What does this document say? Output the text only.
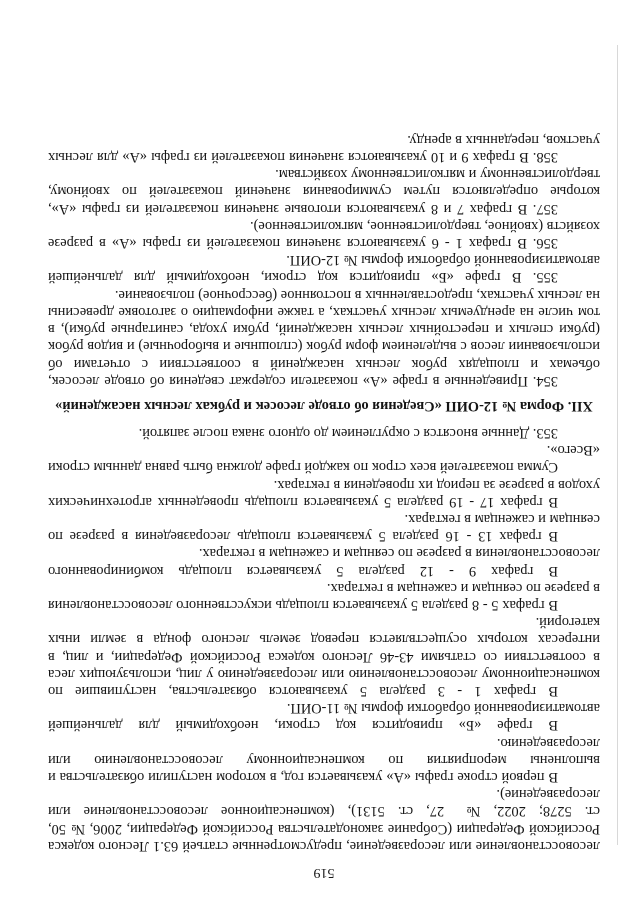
519

лесовосстановление или лесоразведение, предусмотренные статьей 63.1 Лесного кодекса Российской Федерации (Собрание законодательства Российской Федерации, 2006, № 50, ст. 5278; 2022, № 27, ст. 5131), (компенсационное лесовосстановление или лесоразведение).

В первой строке графы «А» указывается год, в котором наступили обязательства и выполнены мероприятия по компенсационному лесовосстановлению или лесоразведению.

В графе «Б» приводится код строки, необходимый для дальнейшей автоматизированной обработки формы № 11-ОИП.

В графах 1 - 3 раздела 5 указываются обязательства, наступившие по компенсационному лесовосстановлению или лесоразведению у лиц, использующих леса в соответствии со статьями 43-46 Лесного кодекса Российской Федерации, и лиц, в интересах которых осуществляется перевод земель лесного фонда в земли иных категорий.

В графах 5 - 8 раздела 5 указывается площадь искусственного лесовосстановления в разрезе по сеянцам и саженцам в гектарах.

В графах 9 - 12 раздела 5 указывается площадь комбинированного лесовосстановления в разрезе по сеянцам и саженцам в гектарах.

В графах 13 - 16 раздела 5 указывается площадь лесоразведения в разрезе по сеянцам и саженцам в гектарах.

В графах 17 - 19 раздела 5 указывается площадь проведенных агротехнических уходов в разрезе за период их проведения в гектарах.

Сумма показателей всех строк по каждой графе должна быть равна данным строки «Всего».

353. Данные вносятся с округлением до одного знака после запятой.

XII. Форма № 12-ОИП «Сведения об отводе лесосек и рубках лесных насаждений»

354. Приведенные в графе «А» показатели содержат сведения об отводе лесосек, объемах и площадях рубок лесных насаждений в соответствии с отчетами об использовании лесов с выделением форм рубок (сплошные и выборочные) и видов рубок (рубки спелых и перестойных лесных насаждений, рубки ухода, санитарные рубки), в том числе на арендуемых лесных участках, а также информацию о заготовке древесины на лесных участках, предоставленных в постоянное (бессрочное) пользование.

355. В графе «Б» приводится код строки, необходимый для дальнейшей автоматизированной обработки формы № 12-ОИП.

356. В графах 1 - 6 указываются значения показателей из графы «А» в разрезе хозяйств (хвойное, твердолиственное, мягколиственное).

357. В графах 7 и 8 указываются итоговые значения показателей из графы «А», которые определяются путем суммирования значений показателей по хвойному, твердолиственному и мягколиственному хозяйствам.

358. В графах 9 и 10 указываются значения показателей из графы «А» для лесных участков, переданных в аренду.
